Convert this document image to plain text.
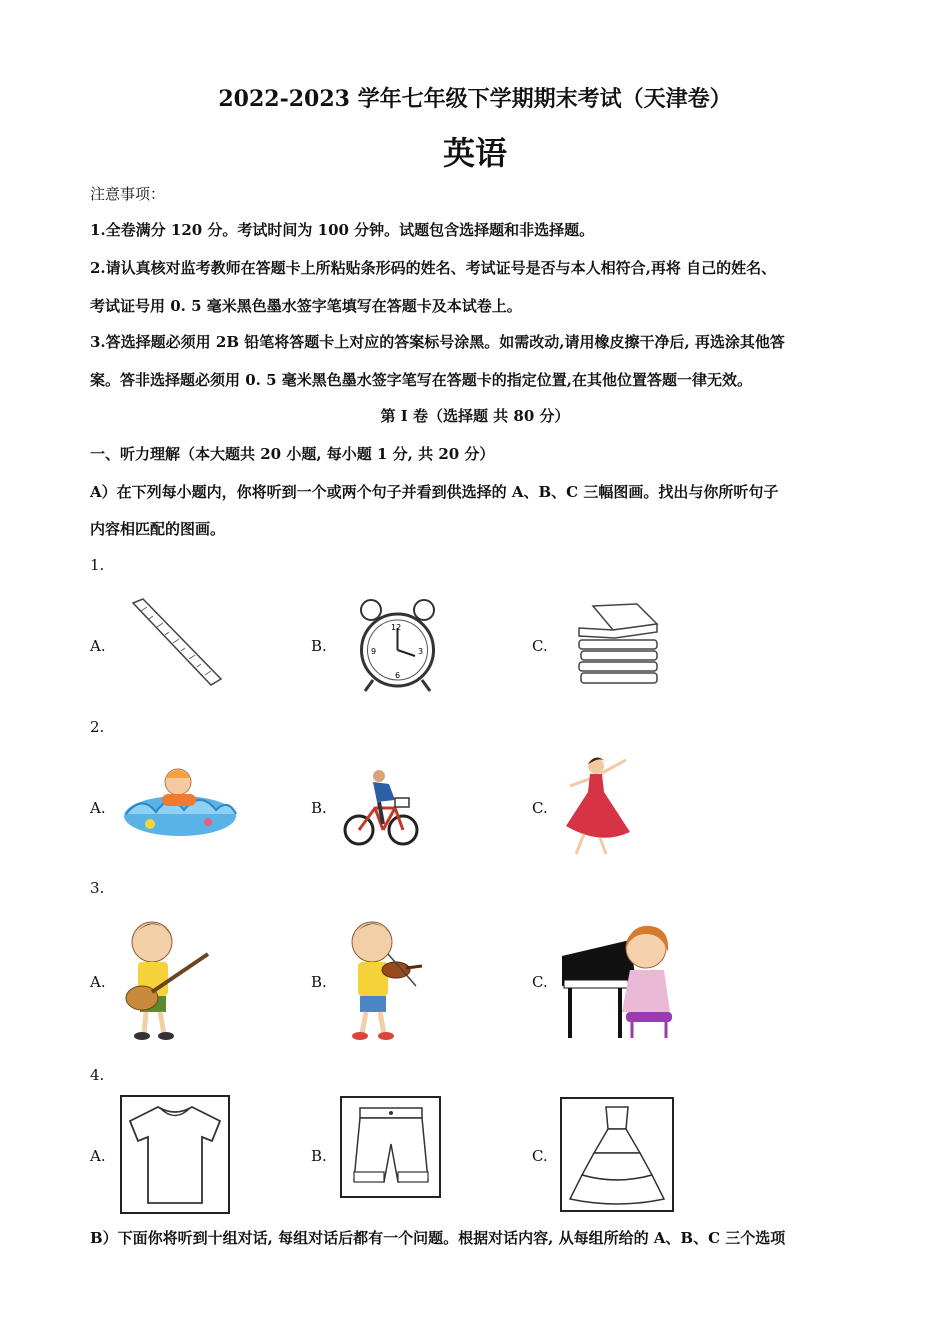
2022-2023 学年七年级下学期期末考试（天津卷）
英语
注意事项：
1.全卷满分 120 分。考试时间为 100 分钟。试题包含选择题和非选择题。
2.请认真核对监考教师在答题卡上所粘贴条形码的姓名、考试证号是否与本人相符合,再将 自己的姓名、
考试证号用 0. 5 毫米黑色墨水签字笔填写在答题卡及本试卷上。
3.答选择题必须用 2B 铅笔将答题卡上对应的答案标号涂黑。如需改动,请用橡皮擦干净后, 再选涂其他答
案。答非选择题必须用 0. 5 毫米黑色墨水签字笔写在答题卡的指定位置,在其他位置答题一律无效。
第 I 卷（选择题 共 80 分）
一、听力理解（本大题共 20 小题, 每小题 1 分, 共 20 分）
A）在下列每小题内，你将听到一个或两个句子并看到供选择的 A、B、C 三幅图画。找出与你所听句子
内容相匹配的图画。
1.
A.	B.	C.
12
3
6
9
2.
A.	B.	C.
3.
A.	B.	C.
4.
A.	B.	C.
B）下面你将听到十组对话, 每组对话后都有一个问题。根据对话内容, 从每组所给的 A、B、C 三个选项
